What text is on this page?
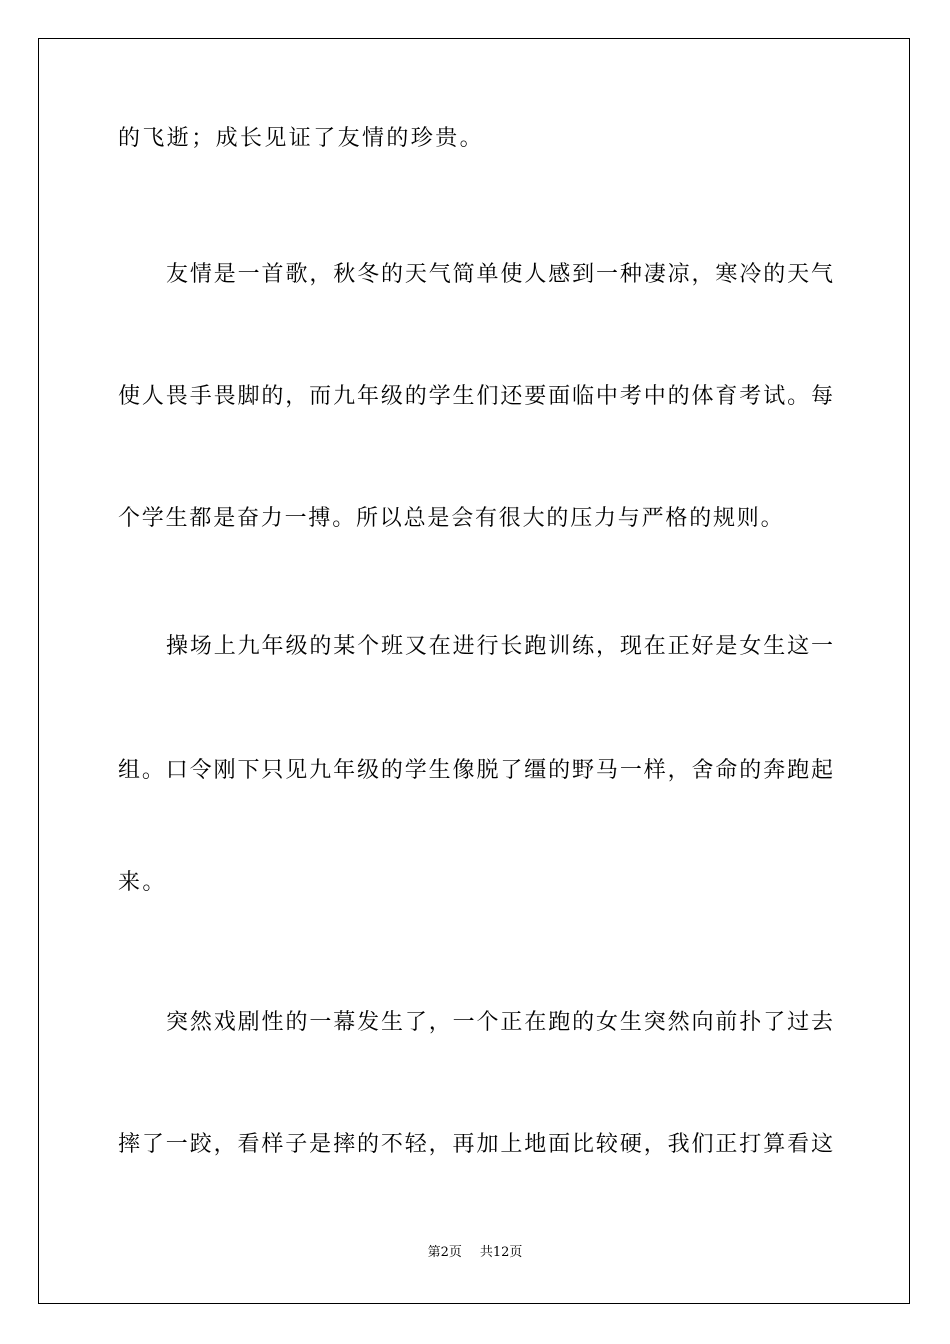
的飞逝；成长见证了友情的珍贵。
友情是一首歌，秋冬的天气简单使人感到一种凄凉，寒冷的天气
使人畏手畏脚的，而九年级的学生们还要面临中考中的体育考试。每
个学生都是奋力一搏。所以总是会有很大的压力与严格的规则。
操场上九年级的某个班又在进行长跑训练，现在正好是女生这一
组。口令刚下只见九年级的学生像脱了缰的野马一样，舍命的奔跑起
来。
突然戏剧性的一幕发生了，一个正在跑的女生突然向前扑了过去
摔了一跤，看样子是摔的不轻，再加上地面比较硬，我们正打算看这
第2页 共12页
